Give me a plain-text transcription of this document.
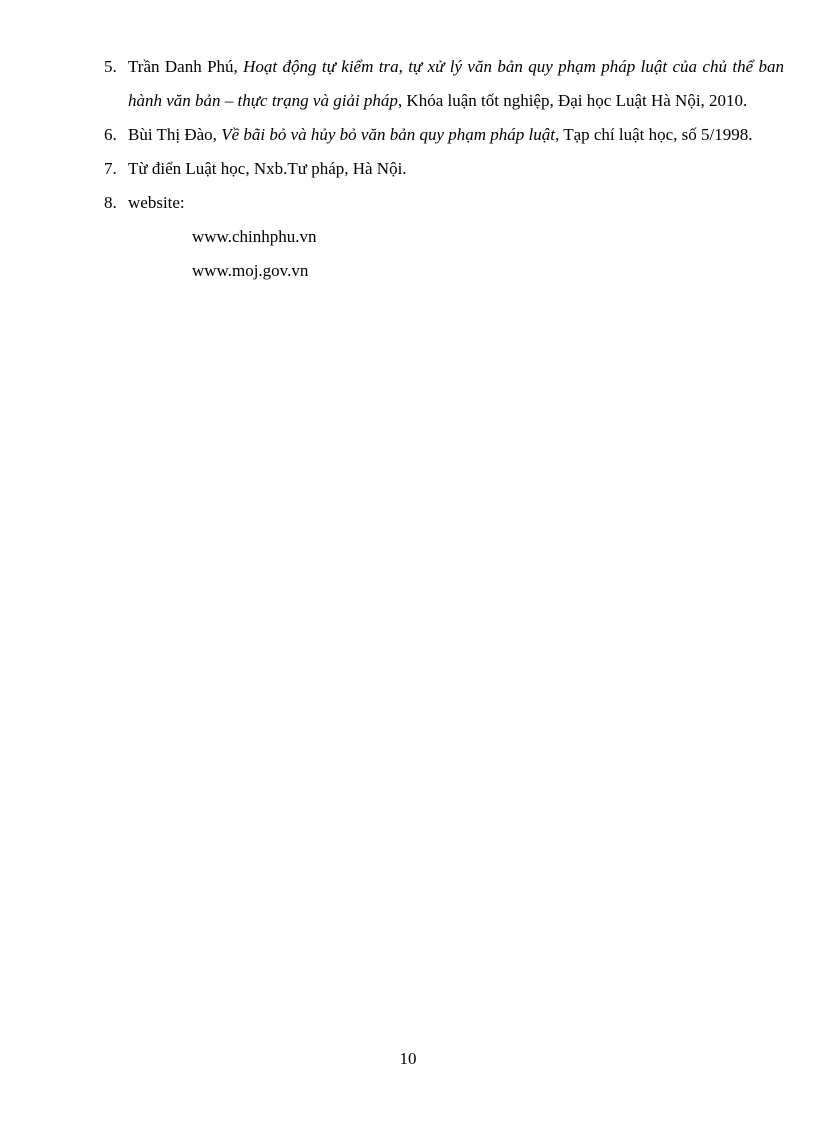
5. Trần Danh Phú, Hoạt động tự kiểm tra, tự xử lý văn bản quy phạm pháp luật của chủ thể ban hành văn bản – thực trạng và giải pháp, Khóa luận tốt nghiệp, Đại học Luật Hà Nội, 2010.
6. Bùi Thị Đào, Về bãi bỏ và hủy bỏ văn bản quy phạm pháp luật, Tạp chí luật học, số 5/1998.
7. Từ điển Luật học, Nxb.Tư pháp, Hà Nội.
8. website:
www.chinhphu.vn
www.moj.gov.vn
10
